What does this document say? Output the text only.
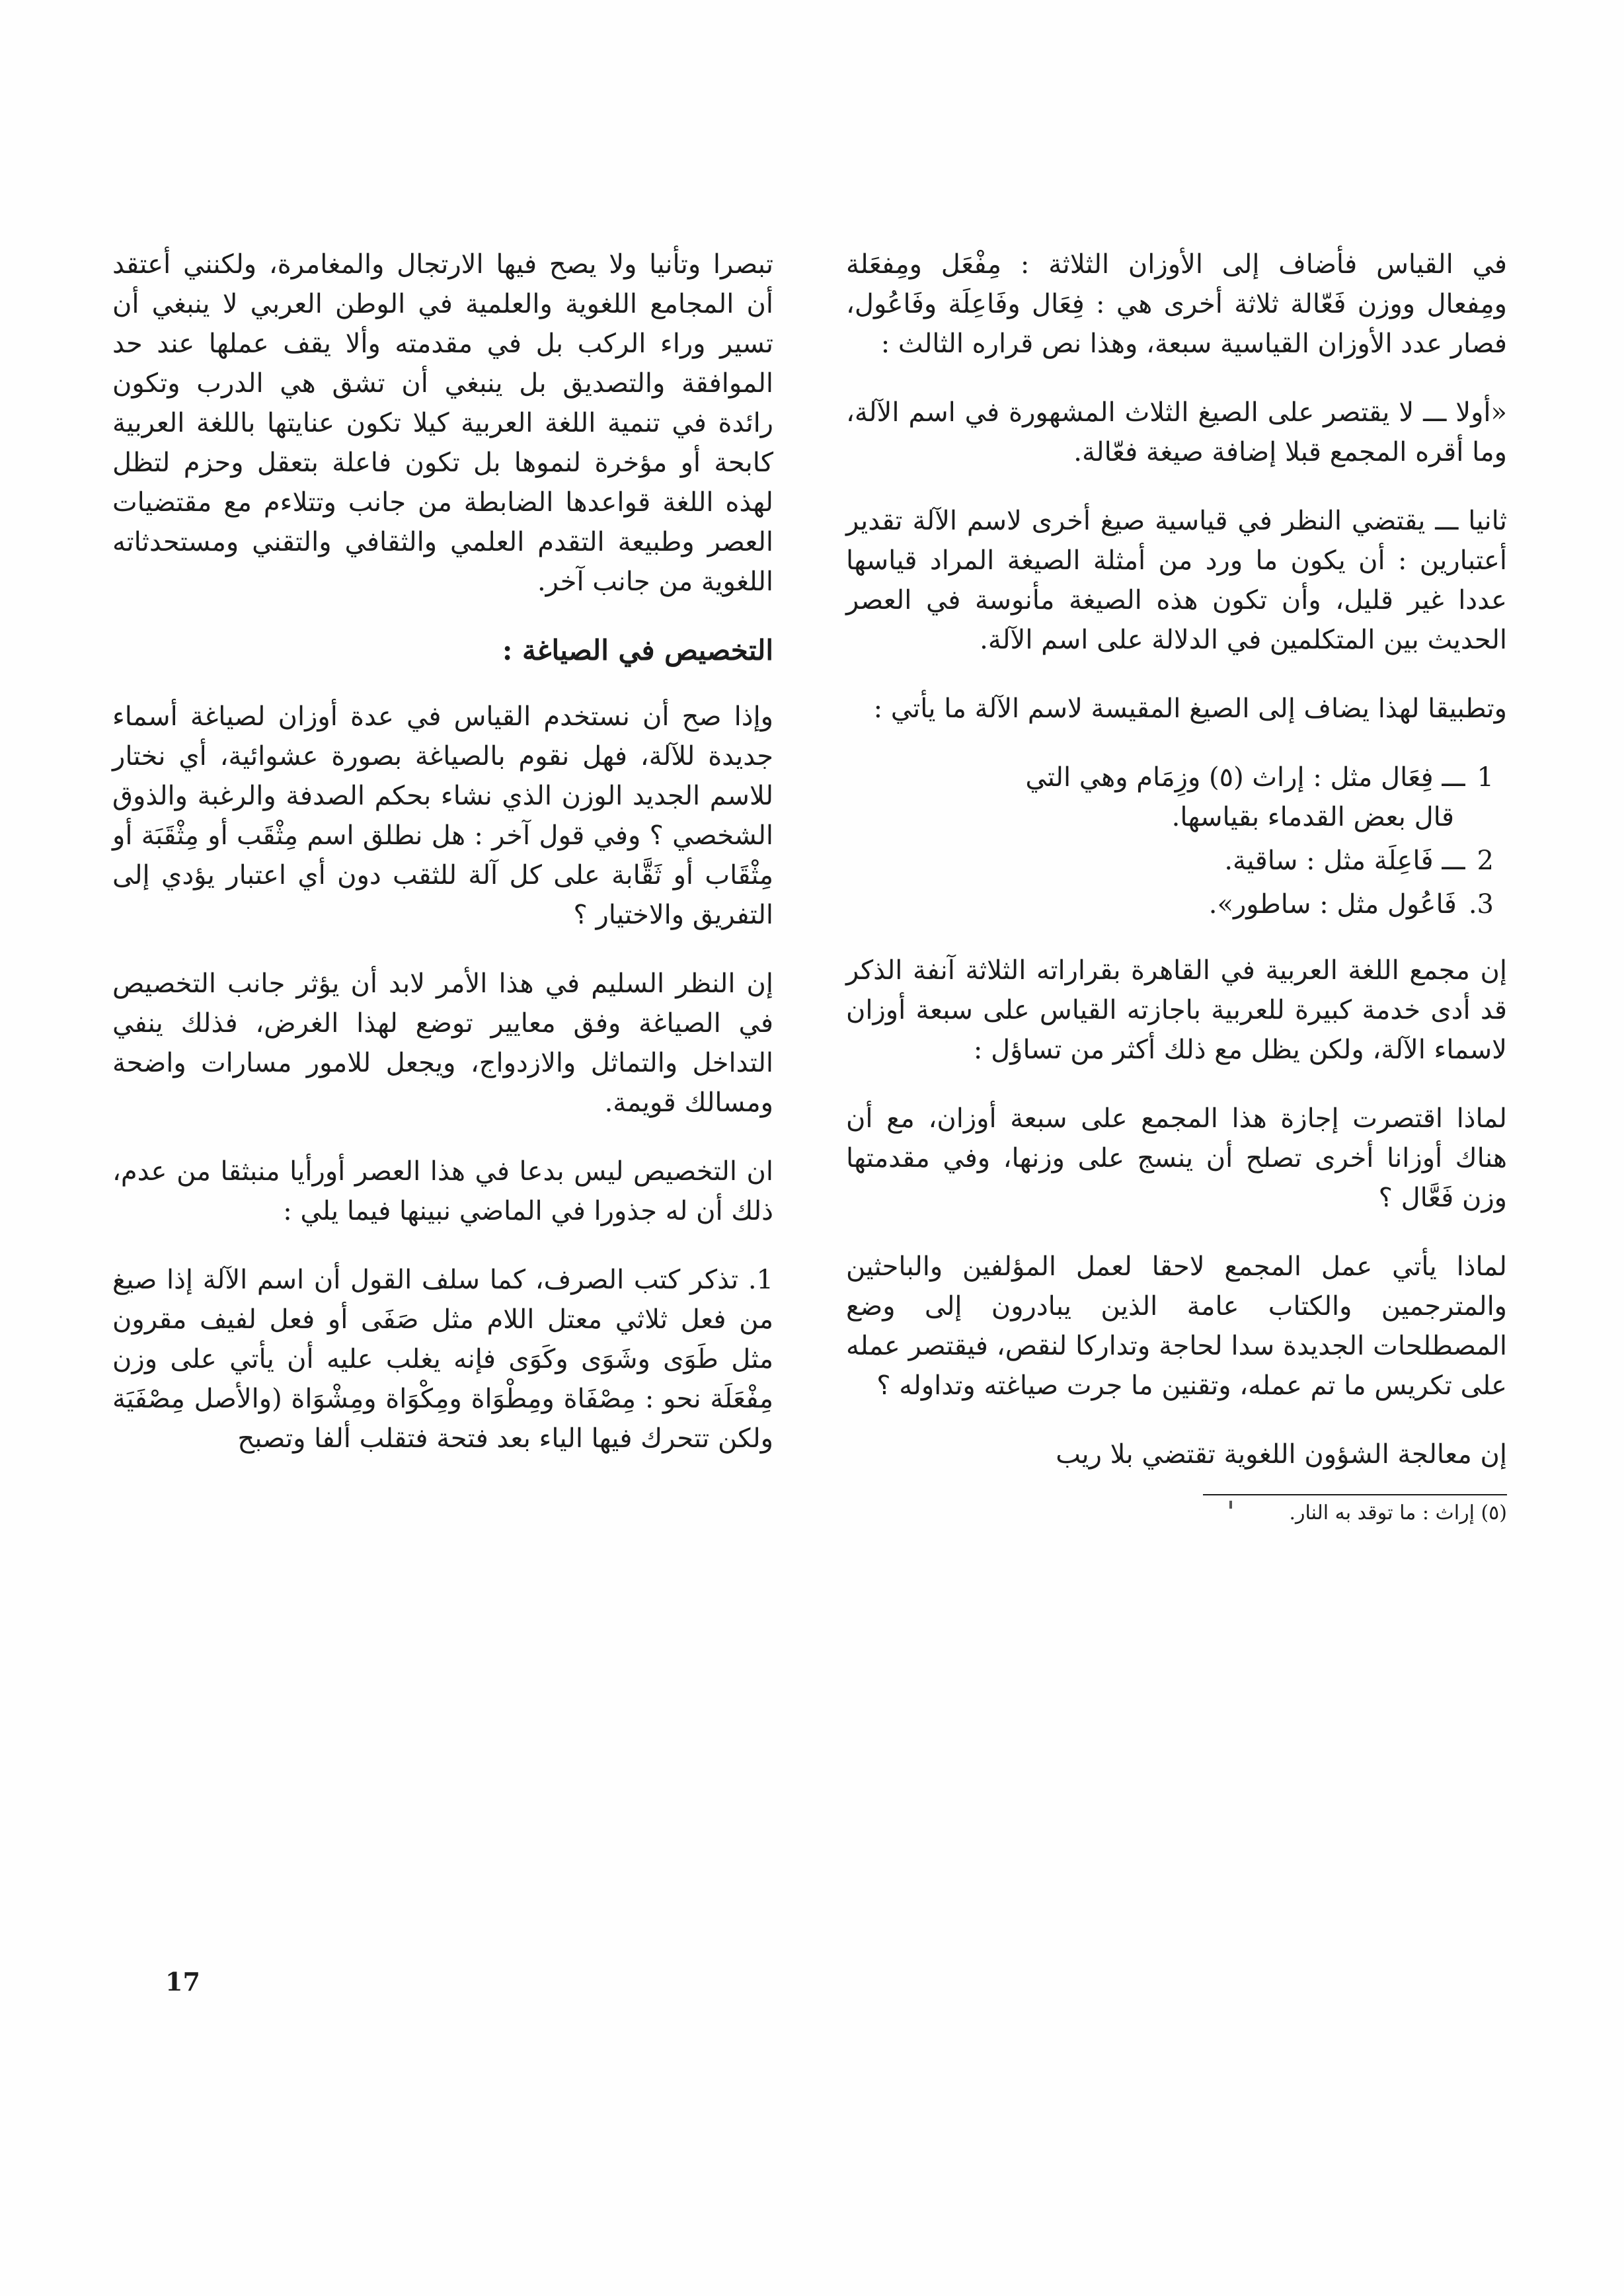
في القياس فأضاف إلى الأوزان الثلاثة : مِفْعَل ومِفعَلة ومِفعال ووزن فَعّالة ثلاثة أخرى هي : فِعَال وفَاعِلَة وفَاعُول، فصار عدد الأوزان القياسية سبعة، وهذا نص قراره الثالث :

«أولا ـــ لا يقتصر على الصيغ الثلاث المشهورة في اسم الآلة، وما أقره المجمع قبلا إضافة صيغة فعّالة.

ثانيا ـــ يقتضي النظر في قياسية صيغ أخرى لاسم الآلة تقدير أعتبارين : أن يكون ما ورد من أمثلة الصيغة المراد قياسها عددا غير قليل، وأن تكون هذه الصيغة مأنوسة في العصر الحديث بين المتكلمين في الدلالة على اسم الآلة.

وتطبيقا لهذا يضاف إلى الصيغ المقيسة لاسم الآلة ما يأتي :

1ـــ فِعَال مثل : إراث (٥) وزِمَام وهي التي
قال بعض القدماء بقياسها.
2ـــ فَاعِلَة مثل : ساقية.
3.فَاعُول مثل : ساطور».

إن مجمع اللغة العربية في القاهرة بقراراته الثلاثة آنفة الذكر قد أدى خدمة كبيرة للعربية باجازته القياس على سبعة أوزان لاسماء الآلة، ولكن يظل مع ذلك أكثر من تساؤل :

لماذا اقتصرت إجازة هذا المجمع على سبعة أوزان، مع أن هناك أوزانا أخرى تصلح أن ينسج على وزنها، وفي مقدمتها وزن فَعَّال ؟

لماذا يأتي عمل المجمع لاحقا لعمل المؤلفين والباحثين والمترجمين والكتاب عامة الذين يبادرون إلى وضع المصطلحات الجديدة سدا لحاجة وتداركا لنقص، فيقتصر عمله على تكريس ما تم عمله، وتقنين ما جرت صياغته وتداوله ؟

إن معالجة الشؤون اللغوية تقتضي بلا ريب

(٥) إراث : ما توقد به النار.

تبصرا وتأنيا ولا يصح فيها الارتجال والمغامرة، ولكنني أعتقد أن المجامع اللغوية والعلمية في الوطن العربي لا ينبغي أن تسير وراء الركب بل في مقدمته وألا يقف عملها عند حد الموافقة والتصديق بل ينبغي أن تشق هي الدرب وتكون رائدة في تنمية اللغة العربية كيلا تكون عنايتها باللغة العربية كابحة أو مؤخرة لنموها بل تكون فاعلة بتعقل وحزم لتظل لهذه اللغة قواعدها الضابطة من جانب وتتلاءم مع مقتضيات العصر وطبيعة التقدم العلمي والثقافي والتقني ومستحدثاته اللغوية من جانب آخر.

التخصيص في الصياغة :

وإذا صح أن نستخدم القياس في عدة أوزان لصياغة أسماء جديدة للآلة، فهل نقوم بالصياغة بصورة عشوائية، أي نختار للاسم الجديد الوزن الذي نشاء بحكم الصدفة والرغبة والذوق الشخصي ؟ وفي قول آخر : هل نطلق اسم مِثْقَب أو مِثْقَبَة أو مِثْقَاب أو ثَقَّابة على كل آلة للثقب دون أي اعتبار يؤدي إلى التفريق والاختيار ؟

إن النظر السليم في هذا الأمر لابد أن يؤثر جانب التخصيص في الصياغة وفق معايير توضع لهذا الغرض، فذلك ينفي التداخل والتماثل والازدواج، ويجعل للامور مسارات واضحة ومسالك قويمة.

ان التخصيص ليس بدعا في هذا العصر أورأيا منبثقا من عدم، ذلك أن له جذورا في الماضي نبينها فيما يلي :

1. تذكر كتب الصرف، كما سلف القول أن اسم الآلة إذا صيغ من فعل ثلاثي معتل اللام مثل صَفَى أو فعل لفيف مقرون مثل طَوَى وشَوَى وكَوَى فإنه يغلب عليه أن يأتي على وزن مِفْعَلَة نحو : مِصْفَاة ومِطْوَاة ومِكْوَاة ومِشْوَاة (والأصل مِصْفَيَة ولكن تتحرك فيها الياء بعد فتحة فتقلب ألفا وتصبح

17
